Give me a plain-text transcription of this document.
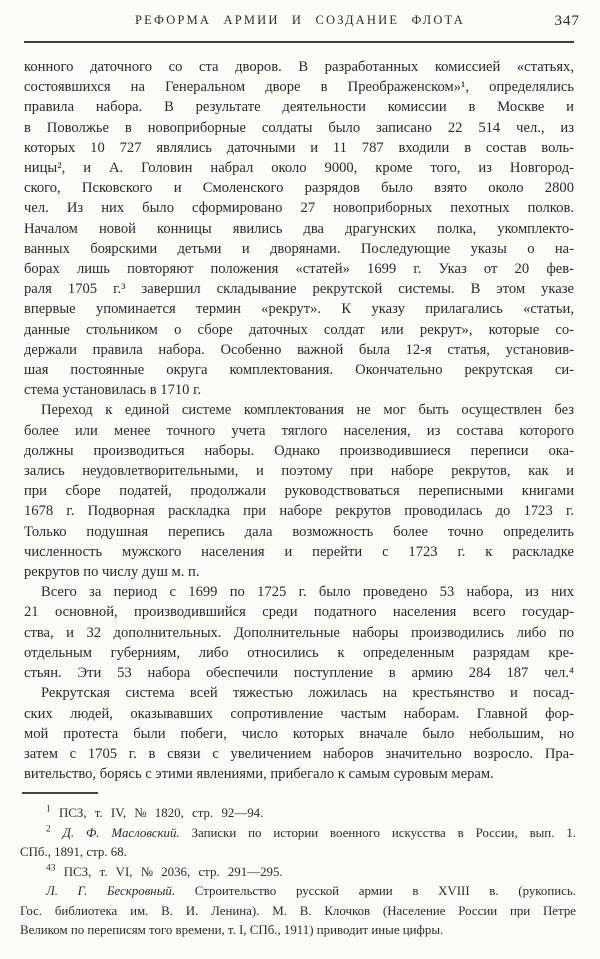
РЕФОРМА АРМИИ И СОЗДАНИЕ ФЛОТА	347
конного даточного со ста дворов. В разработанных комиссией «статьях,
состоявшихся на Генеральном дворе в Преображенском»¹, определялись
правила набора. В результате деятельности комиссии в Москве и
в Поволжье в новоприборные солдаты было записано 22 514 чел., из
которых 10 727 являлись даточными и 11 787 входили в состав воль-
ницы², и А. Головин набрал около 9000, кроме того, из Новгород-
ского, Псковского и Смоленского разрядов было взято около 2800
чел. Из них было сформировано 27 новоприборных пехотных полков.
Началом новой конницы явились два драгунских полка, укомплекто-
ванных боярскими детьми и дворянами. Последующие указы о на-
борах лишь повторяют положения «статей» 1699 г. Указ от 20 фев-
раля 1705 г.³ завершил складывание рекрутской системы. В этом указе
впервые упоминается термин «рекрут». К указу прилагались «статьи,
данные стольником о сборе даточных солдат или рекрут», которые со-
держали правила набора. Особенно важной была 12-я статья, установив-
шая постоянные округа комплектования. Окончательно рекрутская си-
стема установилась в 1710 г.
Переход к единой системе комплектования не мог быть осуществлен без
более или менее точного учета тяглого населения, из состава которого
должны производиться наборы. Однако производившиеся переписи ока-
зались неудовлетворительными, и поэтому при наборе рекрутов, как и
при сборе податей, продолжали руководствоваться переписными книгами
1678 г. Подворная раскладка при наборе рекрутов проводилась до 1723 г.
Только подушная перепись дала возможность более точно определить
численность мужского населения и перейти с 1723 г. к раскладке
рекрутов по числу душ м. п.
Всего за период с 1699 по 1725 г. было проведено 53 набора, из них
21 основной, производившийся среди податного населения всего государ-
ства, и 32 дополнительных. Дополнительные наборы производились либо по
отдельным губерниям, либо относились к определенным разрядам кре-
стьян. Эти 53 набора обеспечили поступление в армию 284 187 чел.⁴
Рекрутская система всей тяжестью ложилась на крестьянство и посад-
ских людей, оказывавших сопротивление частым наборам. Главной фор-
мой протеста были побеги, число которых вначале было небольшим, но
затем с 1705 г. в связи с увеличением наборов значительно возросло. Пра-
вительство, борясь с этими явлениями, прибегало к самым суровым мерам.
$^1$ ПСЗ, т. IV, № 1820, стр. 92—94.
$^2$ Д. Ф. Масловский. Записки по истории военного искусства в России, вып. 1.
СПб., 1891, стр. 68.
$^{43}$ ПСЗ, т. VI, № 2036, стр. 291—295.
Л. Г. Бескровный. Строительство русской армии в XVIII в. (рукопись.
Гос. библиотека им. В. И. Ленина). М. В. Клочков (Население России при Петре
Великом по переписям того времени, т. I, СПб., 1911) приводит иные цифры.
